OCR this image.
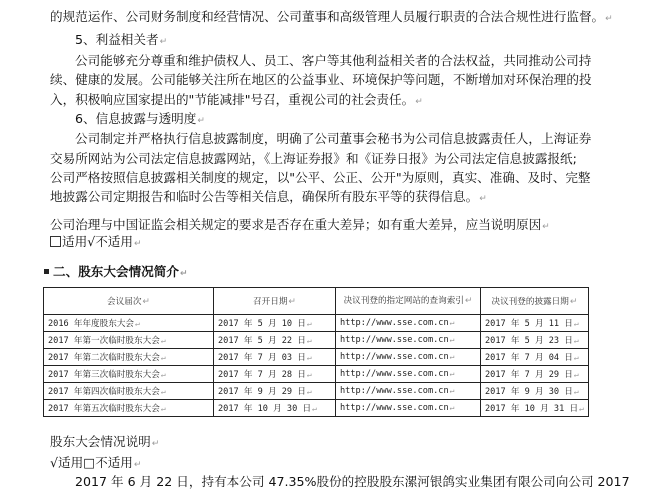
的规范运作、公司财务制度和经营情况、公司董事和高级管理人员履行职责的合法合规性进行监督。↵
5、利益相关者↵
公司能够充分尊重和维护债权人、员工、客户等其他利益相关者的合法权益，共同推动公司持
续、健康的发展。公司能够关注所在地区的公益事业、环境保护等问题，不断增加对环保治理的投
入，积极响应国家提出的"节能减排"号召，重视公司的社会责任。↵
6、信息披露与透明度↵
公司制定并严格执行信息披露制度，明确了公司董事会秘书为公司信息披露责任人，上海证券
交易所网站为公司法定信息披露网站，《上海证券报》和《证券日报》为公司法定信息披露报纸;
公司严格按照信息披露相关制度的规定，以"公平、公正、公开"为原则，真实、准确、及时、完整
地披露公司定期报告和临时公告等相关信息，确保所有股东平等的获得信息。↵
公司治理与中国证监会相关规定的要求是否存在重大差异；如有重大差异，应当说明原因↵
适用√不适用↵
二、股东大会情况简介↵
会议届次↵	召开日期↵	决议刊登的指定网站的查询索引↵	决议刊登的披露日期↵
2016 年年度股东大会↵	2017 年 5 月 10 日↵	http://www.sse.com.cn↵	2017 年 5 月 11 日↵
2017 年第一次临时股东大会↵	2017 年 5 月 22 日↵	http://www.sse.com.cn↵	2017 年 5 月 23 日↵
2017 年第二次临时股东大会↵	2017 年 7 月 03 日↵	http://www.sse.com.cn↵	2017 年 7 月 04 日↵
2017 年第三次临时股东大会↵	2017 年 7 月 28 日↵	http://www.sse.com.cn↵	2017 年 7 月 29 日↵
2017 年第四次临时股东大会↵	2017 年 9 月 29 日↵	http://www.sse.com.cn↵	2017 年 9 月 30 日↵
2017 年第五次临时股东大会↵	2017 年 10 月 30 日↵	http://www.sse.com.cn↵	2017 年 10 月 31 日↵
股东大会情况说明↵
√适用□不适用↵
2017 年 6 月 22 日，持有本公司 47.35%股份的控股股东漯河银鸽实业集团有限公司向公司 2017
